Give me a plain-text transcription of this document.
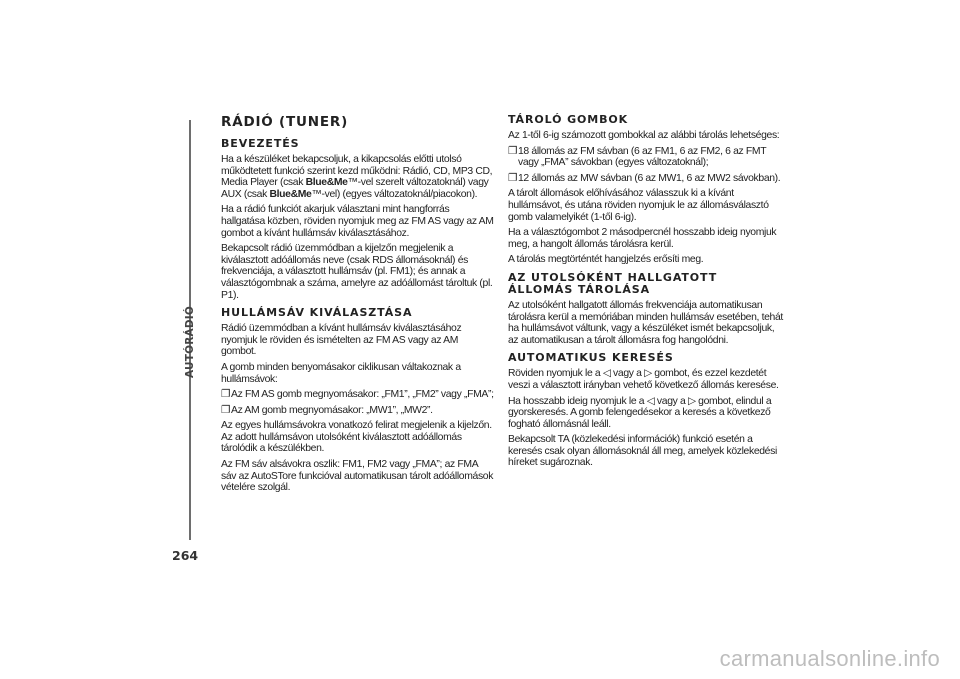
AUTÓRÁDIÓ
264
RÁDIÓ (TUNER)
BEVEZETÉS

Ha a készüléket bekapcsoljuk, a kikapcsolás előtti utolsó működtetett funkció szerint kezd működni: Rádió, CD, MP3 CD, Media Player (csak Blue&Me™-vel szerelt változatoknál) vagy AUX (csak Blue&Me™-vel) (egyes változatoknál/piacokon).

Ha a rádió funkciót akarjuk választani mint hangforrás hallgatása közben, röviden nyomjuk meg az FM AS vagy az AM gombot a kívánt hullámsáv kiválasztásához.

Bekapcsolt rádió üzemmódban a kijelzőn megjelenik a kiválasztott adóállomás neve (csak RDS állomásoknál) és frekvenciája, a választott hullámsáv (pl. FM1); és annak a választógombnak a száma, amelyre az adóállomást tároltuk (pl. P1).

HULLÁMSÁV KIVÁLASZTÁSA

Rádió üzemmódban a kívánt hullámsáv kiválasztásához nyomjuk le röviden és ismételten az FM AS vagy az AM gombot.

A gomb minden benyomásakor ciklikusan váltakoznak a hullámsávok:

❐Az FM AS gomb megnyomásakor: „FM1”, „FM2” vagy „FMA”;

❐Az AM gomb megnyomásakor: „MW1”, „MW2”.

Az egyes hullámsávokra vonatkozó felirat megjelenik a kijelzőn. Az adott hullámsávon utolsóként kiválasztott adóállomás tárolódik a készülékben.

Az FM sáv alsávokra oszlik: FM1, FM2 vagy „FMA”; az FMA sáv az AutoSTore funkcióval automatikusan tárolt adóállomások vételére szolgál.

TÁROLÓ GOMBOK

Az 1-től 6-ig számozott gombokkal az alábbi tárolás lehetséges:

❐18 állomás az FM sávban (6 az FM1, 6 az FM2, 6 az FMT vagy „FMA” sávokban (egyes változatoknál);

❐12 állomás az MW sávban (6 az MW1, 6 az MW2 sávokban).

A tárolt állomások előhívásához válasszuk ki a kívánt hullámsávot, és utána röviden nyomjuk le az állomásválasztó gomb valamelyikét (1-től 6-ig).

Ha a választógombot 2 másodpercnél hosszabb ideig nyomjuk meg, a hangolt állomás tárolásra kerül.

A tárolás megtörténtét hangjelzés erősíti meg.

AZ UTOLSÓKÉNT HALLGATOTT
ÁLLOMÁS TÁROLÁSA

Az utolsóként hallgatott állomás frekvenciája automatikusan tárolásra kerül a memóriában minden hullámsáv esetében, tehát ha hullámsávot váltunk, vagy a készüléket ismét bekapcsoljuk, az automatikusan a tárolt állomásra fog hangolódni.

AUTOMATIKUS KERESÉS

Röviden nyomjuk le a ◁ vagy a ▷ gombot, és ezzel kezdetét veszi a választott irányban vehető következő állomás keresése.

Ha hosszabb ideig nyomjuk le a ◁ vagy a ▷ gombot, elindul a gyorskeresés. A gomb felengedésekor a keresés a következő fogható állomásnál leáll.

Bekapcsolt TA (közlekedési információk) funkció esetén a keresés csak olyan állomásoknál áll meg, amelyek közlekedési híreket sugároznak.

carmanualsonline.info
